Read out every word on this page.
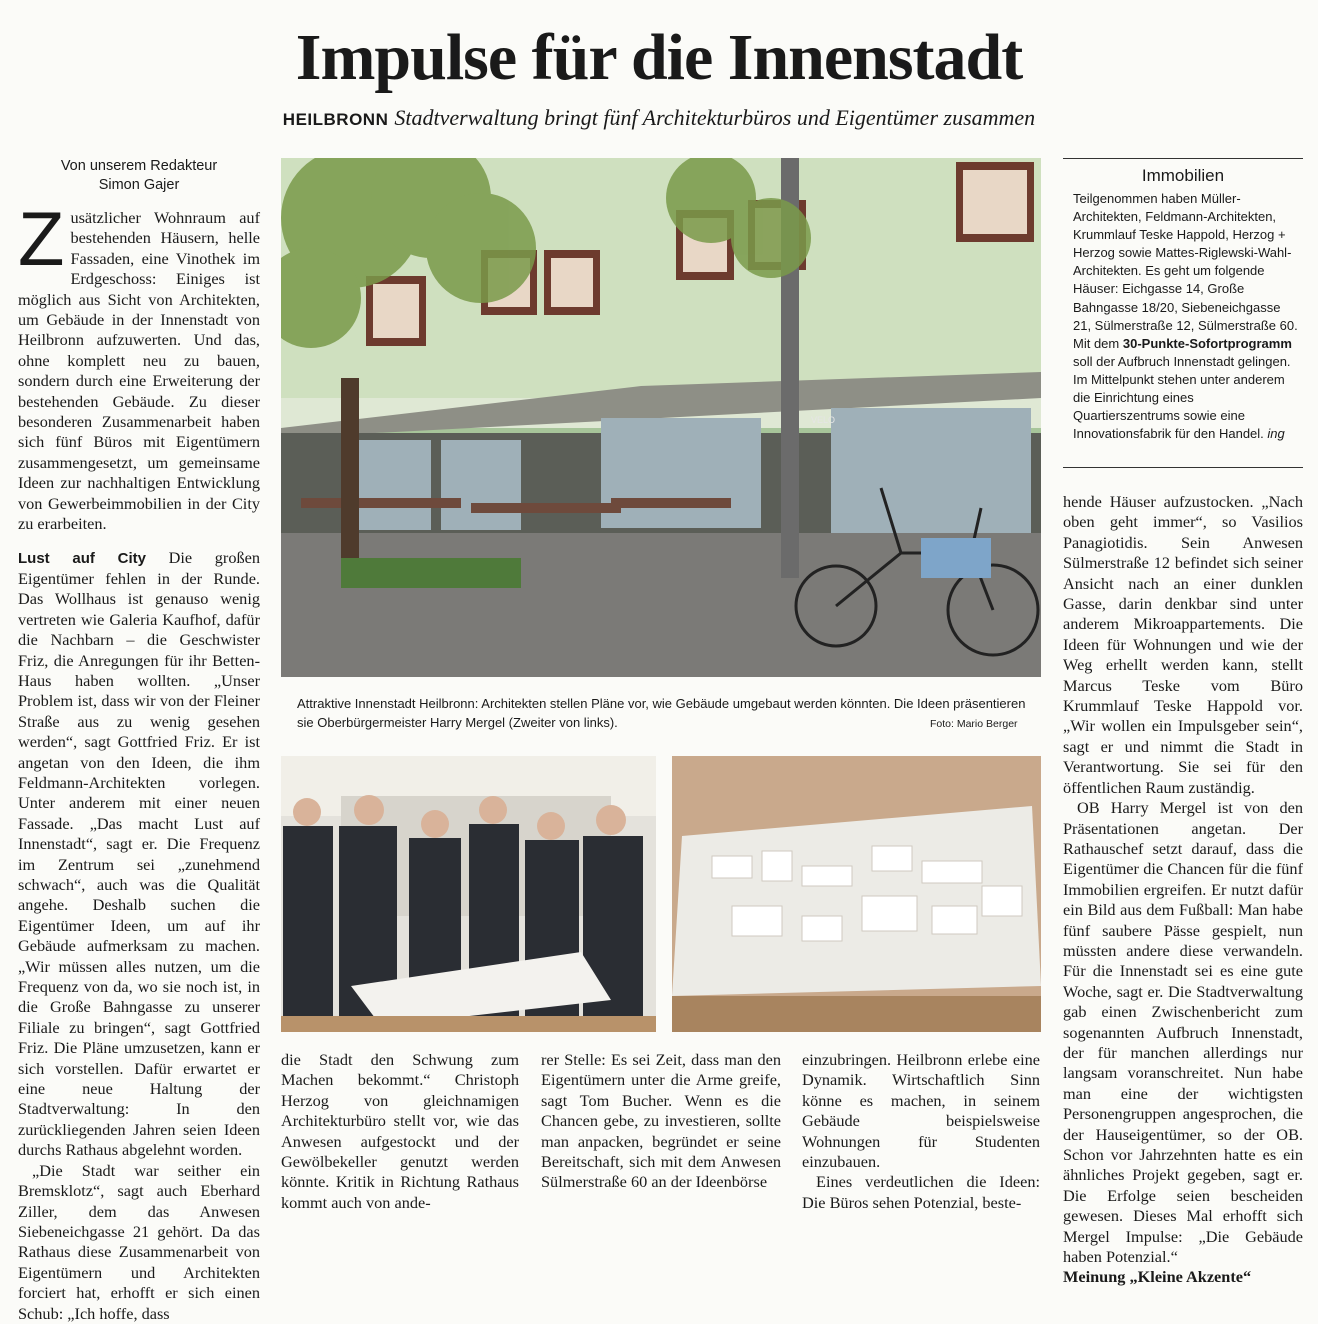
Impulse für die Innenstadt
HEILBRONN Stadtverwaltung bringt fünf Architekturbüros und Eigentümer zusammen
Von unserem Redakteur
Simon Gajer

Zusätzlicher Wohnraum auf bestehenden Häusern, helle Fassaden, eine Vinothek im Erdgeschoss: Einiges ist möglich aus Sicht von Architekten, um Gebäude in der Innenstadt von Heilbronn aufzuwerten. Und das, ohne komplett neu zu bauen, sondern durch eine Erweiterung der bestehenden Gebäude. Zu dieser besonderen Zusammenarbeit haben sich fünf Büros mit Eigentümern zusammengesetzt, um gemeinsame Ideen zur nachhaltigen Entwicklung von Gewerbeimmobilien in der City zu erarbeiten.

Lust auf City Die großen Eigentümer fehlen in der Runde. Das Wollhaus ist genauso wenig vertreten wie Galeria Kaufhof, dafür die Nachbarn – die Geschwister Friz, die Anregungen für ihr Betten-Haus haben wollten. „Unser Problem ist, dass wir von der Fleiner Straße aus zu wenig gesehen werden“, sagt Gottfried Friz. Er ist angetan von den Ideen, die ihm Feldmann-Architekten vorlegen. Unter anderem mit einer neuen Fassade. „Das macht Lust auf Innenstadt“, sagt er. Die Frequenz im Zentrum sei „zunehmend schwach“, auch was die Qualität angehe. Deshalb suchen die Eigentümer Ideen, um auf ihr Gebäude aufmerksam zu machen. „Wir müssen alles nutzen, um die Frequenz von da, wo sie noch ist, in die Große Bahngasse zu unserer Filiale zu bringen“, sagt Gottfried Friz. Die Pläne umzusetzen, kann er sich vorstellen. Dafür erwartet er eine neue Haltung der Stadtverwaltung: In den zurückliegenden Jahren seien Ideen durchs Rathaus abgelehnt worden.

„Die Stadt war seither ein Bremsklotz“, sagt auch Eberhard Ziller, dem das Anwesen Siebeneichgasse 21 gehört. Da das Rathaus diese Zusammenarbeit von Eigentümern und Architekten forciert hat, erhofft er sich einen Schub: „Ich hoffe, dass

VELO
Attraktive Innenstadt Heilbronn: Architekten stellen Pläne vor, wie Gebäude umgebaut werden könnten. Die Ideen präsentieren sie Oberbürgermeister Harry Mergel (Zweiter von links).	Foto: Mario Berger

die Stadt den Schwung zum Machen bekommt.“ Christoph Herzog von gleichnamigen Architekturbüro stellt vor, wie das Anwesen aufgestockt und der Gewölbekeller genutzt werden könnte. Kritik in Richtung Rathaus kommt auch von ande-

rer Stelle: Es sei Zeit, dass man den Eigentümern unter die Arme greife, sagt Tom Bucher. Wenn es die Chancen gebe, zu investieren, sollte man anpacken, begründet er seine Bereitschaft, sich mit dem Anwesen Sülmerstraße 60 an der Ideenbörse

einzubringen. Heilbronn erlebe eine Dynamik. Wirtschaftlich Sinn könne es machen, in seinem Gebäude beispielsweise Wohnungen für Studenten einzubauen.

Eines verdeutlichen die Ideen: Die Büros sehen Potenzial, beste-

Immobilien
Teilgenommen haben Müller-Architekten, Feldmann-Architekten, Krummlauf Teske Happold, Herzog + Herzog sowie Mattes-Riglewski-Wahl-Architekten. Es geht um folgende Häuser: Eichgasse 14, Große Bahngasse 18/20, Siebeneichgasse 21, Sülmerstraße 12, Sülmerstraße 60. Mit dem 30-Punkte-Sofortprogramm soll der Aufbruch Innenstadt gelingen. Im Mittelpunkt stehen unter anderem die Einrichtung eines Quartierszentrums sowie eine Innovationsfabrik für den Handel. ing

hende Häuser aufzustocken. „Nach oben geht immer“, so Vasilios Panagiotidis. Sein Anwesen Sülmerstraße 12 befindet sich seiner Ansicht nach an einer dunklen Gasse, darin denkbar sind unter anderem Mikroappartements. Die Ideen für Wohnungen und wie der Weg erhellt werden kann, stellt Marcus Teske vom Büro Krummlauf Teske Happold vor. „Wir wollen ein Impulsgeber sein“, sagt er und nimmt die Stadt in Verantwortung. Sie sei für den öffentlichen Raum zuständig.

OB Harry Mergel ist von den Präsentationen angetan. Der Rathauschef setzt darauf, dass die Eigentümer die Chancen für die fünf Immobilien ergreifen. Er nutzt dafür ein Bild aus dem Fußball: Man habe fünf saubere Pässe gespielt, nun müssten andere diese verwandeln. Für die Innenstadt sei es eine gute Woche, sagt er. Die Stadtverwaltung gab einen Zwischenbericht zum sogenannten Aufbruch Innenstadt, der für manchen allerdings nur langsam voranschreitet. Nun habe man eine der wichtigsten Personengruppen angesprochen, die der Hauseigentümer, so der OB. Schon vor Jahrzehnten hatte es ein ähnliches Projekt gegeben, sagt er. Die Erfolge seien bescheiden gewesen. Dieses Mal erhofft sich Mergel Impulse: „Die Gebäude haben Potenzial.“

Meinung „Kleine Akzente“
